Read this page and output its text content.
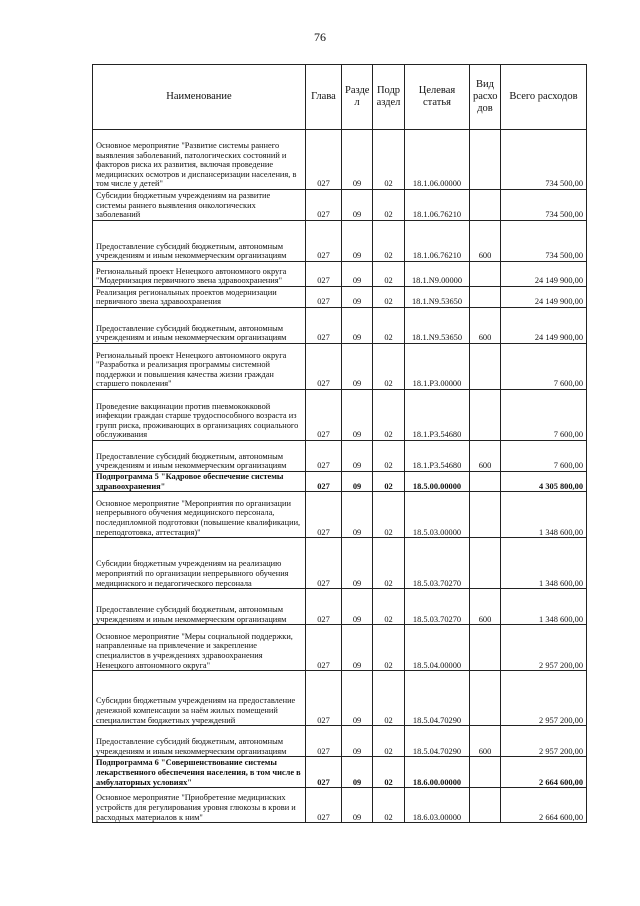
76
Наименование	Глава	Разде л	Подр аздел	Целевая статья	Вид расхо дов	Всего расходов
Основное мероприятие "Развитие системы раннего выявления заболеваний, патологических состояний и факторов риска их развития, включая проведение медицинских осмотров и диспансеризации населения, в том числе у детей"	027	09	02	18.1.06.00000		734 500,00
Субсидии бюджетным учреждениям на развитие системы раннего выявления онкологических заболеваний	027	09	02	18.1.06.76210		734 500,00
Предоставление субсидий бюджетным, автономным учреждениям и иным некоммерческим организациям	027	09	02	18.1.06.76210	600	734 500,00
Региональный проект Ненецкого автономного округа "Модернизация первичного звена здравоохранения"	027	09	02	18.1.N9.00000		24 149 900,00
Реализация региональных проектов модернизации первичного звена здравоохранения	027	09	02	18.1.N9.53650		24 149 900,00
Предоставление субсидий бюджетным, автономным учреждениям и иным некоммерческим организациям	027	09	02	18.1.N9.53650	600	24 149 900,00
Региональный проект Ненецкого автономного округа "Разработка и реализация программы системной поддержки и повышения качества жизни граждан старшего поколения"	027	09	02	18.1.P3.00000		7 600,00
Проведение вакцинации против пневмококковой инфекции граждан старше трудоспособного возраста из групп риска, проживающих в организациях социального обслуживания	027	09	02	18.1.P3.54680		7 600,00
Предоставление субсидий бюджетным, автономным учреждениям и иным некоммерческим организациям	027	09	02	18.1.P3.54680	600	7 600,00
Подпрограмма 5 "Кадровое обеспечение системы здравоохранения"	027	09	02	18.5.00.00000		4 305 800,00
Основное мероприятие "Мероприятия по организации непрерывного обучения медицинского персонала, последипломной подготовки (повышение квалификации, переподготовка, аттестация)"	027	09	02	18.5.03.00000		1 348 600,00
Субсидии бюджетным учреждениям на реализацию мероприятий по организации непрерывного обучения медицинского и педагогического персонала	027	09	02	18.5.03.70270		1 348 600,00
Предоставление субсидий бюджетным, автономным учреждениям и иным некоммерческим организациям	027	09	02	18.5.03.70270	600	1 348 600,00
Основное мероприятие "Меры социальной поддержки, направленные на привлечение и закрепление специалистов в учреждениях здравоохранения Ненецкого автономного округа"	027	09	02	18.5.04.00000		2 957 200,00
Субсидии бюджетным учреждениям на предоставление денежной компенсации за наём жилых помещений специалистам бюджетных учреждений	027	09	02	18.5.04.70290		2 957 200,00
Предоставление субсидий бюджетным, автономным учреждениям и иным некоммерческим организациям	027	09	02	18.5.04.70290	600	2 957 200,00
Подпрограмма 6 "Совершенствование системы лекарственного обеспечения населения, в том числе в амбулаторных условиях"	027	09	02	18.6.00.00000		2 664 600,00
Основное мероприятие "Приобретение медицинских устройств для регулирования уровня глюкозы в крови и расходных материалов к ним"	027	09	02	18.6.03.00000		2 664 600,00
